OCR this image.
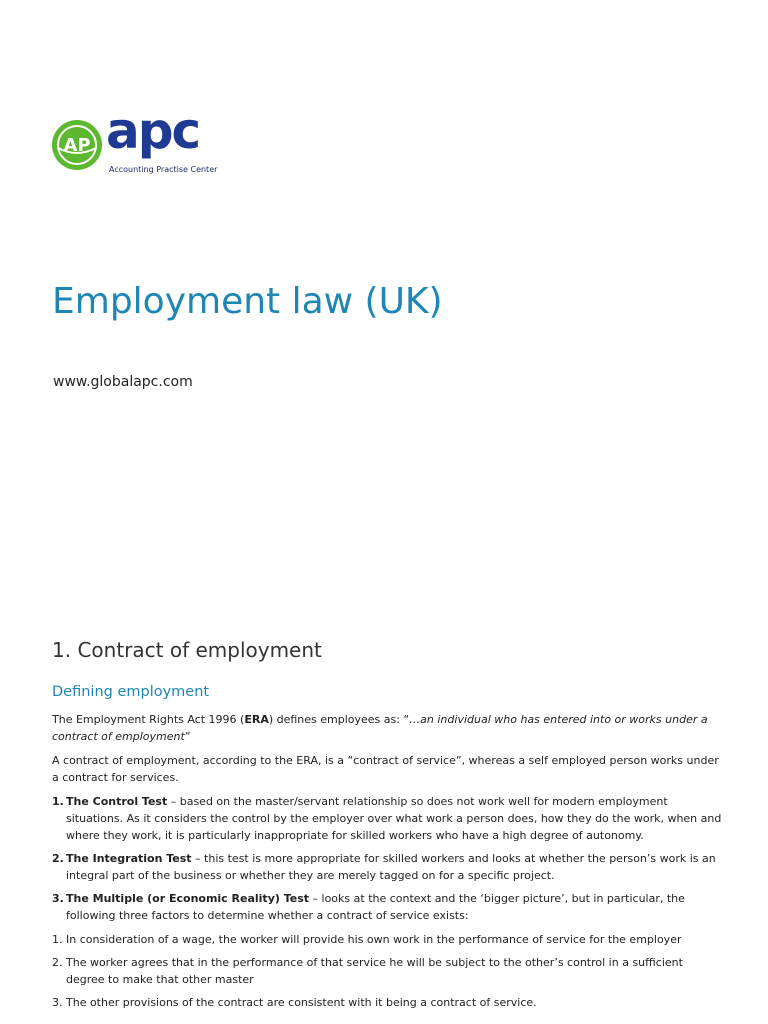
AP apc
Accounting Practise Center
Employment law (UK)
www.globalapc.com
1. Contract of employment
Defining employment

The Employment Rights Act 1996 (ERA) defines employees as: “…an individual who has entered into or works under a contract of employment”

A contract of employment, according to the ERA, is a “contract of service”, whereas a self employed person works under a contract for services.

1. The Control Test – based on the master/servant relationship so does not work well for modern employment situations. As it considers the control by the employer over what work a person does, how they do the work, when and where they work, it is particularly inappropriate for skilled workers who have a high degree of autonomy.
2. The Integration Test – this test is more appropriate for skilled workers and looks at whether the person’s work is an integral part of the business or whether they are merely tagged on for a specific project.
3. The Multiple (or Economic Reality) Test – looks at the context and the ‘bigger picture’, but in particular, the following three factors to determine whether a contract of service exists:
1. In consideration of a wage, the worker will provide his own work in the performance of service for the employer
2. The worker agrees that in the performance of that service he will be subject to the other’s control in a sufficient degree to make that other master
3. The other provisions of the contract are consistent with it being a contract of service.
